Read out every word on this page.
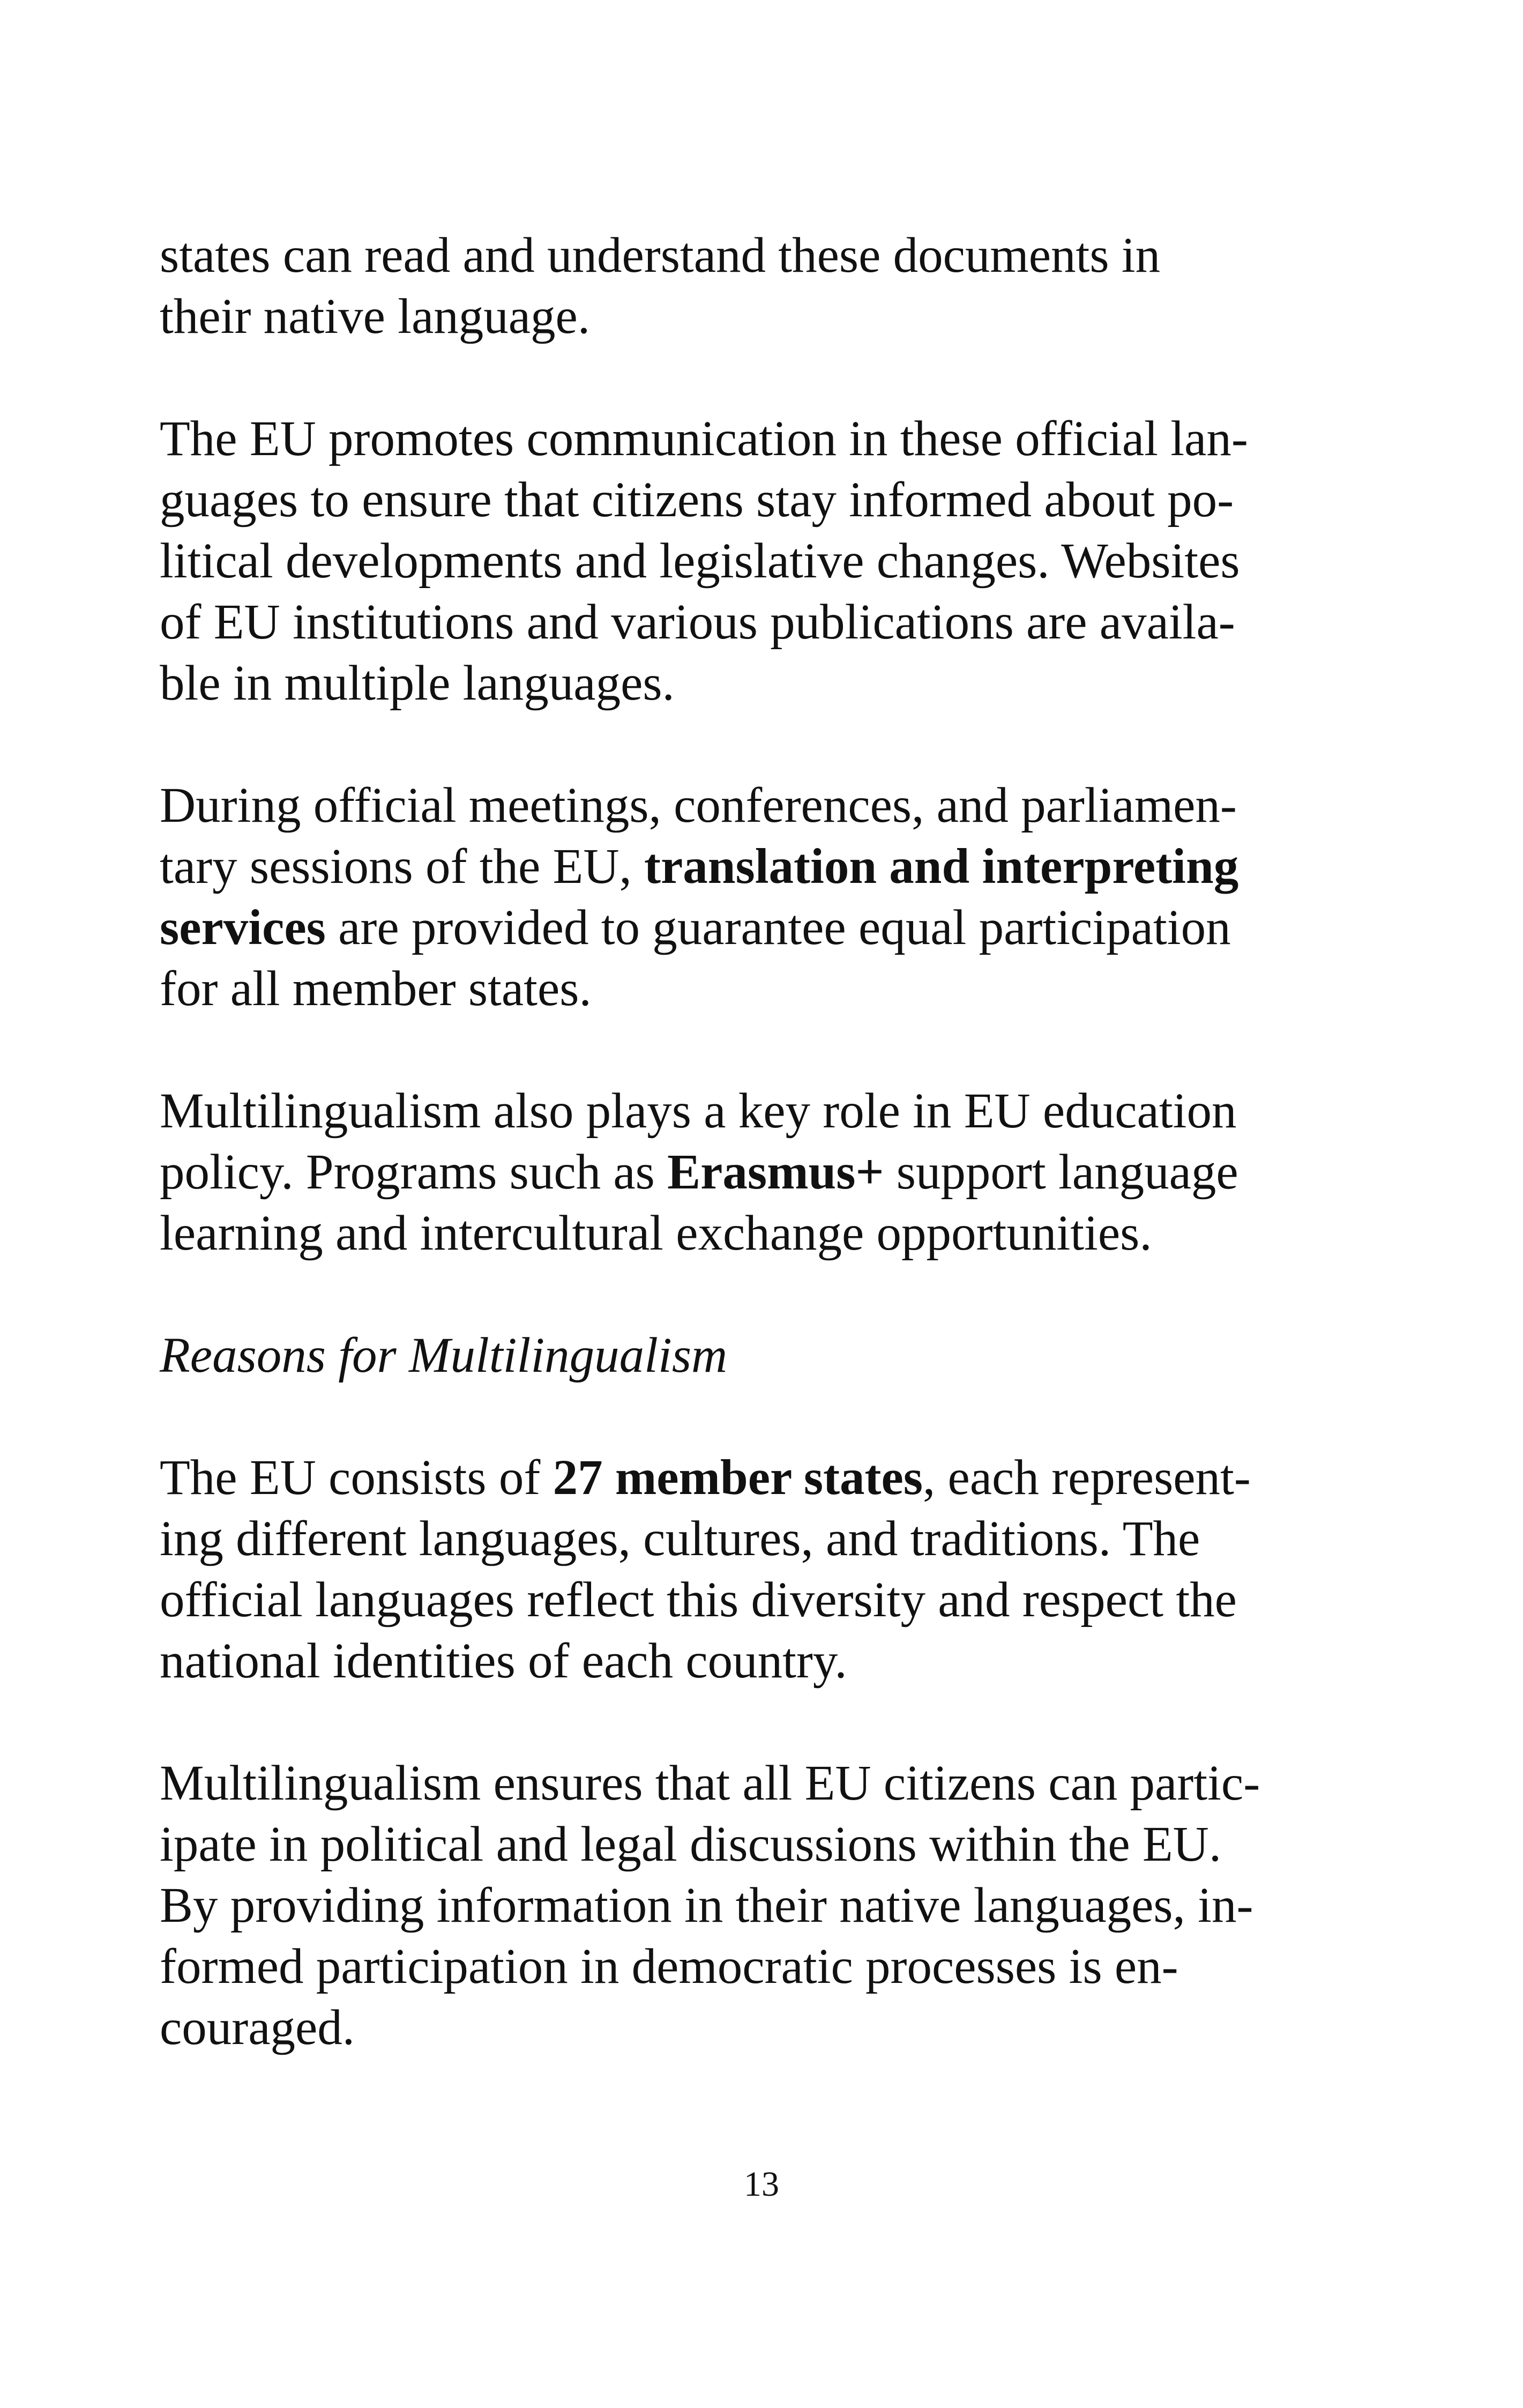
states can read and understand these documents in
their native language.

The EU promotes communication in these official lan-
guages to ensure that citizens stay informed about po-
litical developments and legislative changes. Websites
of EU institutions and various publications are availa-
ble in multiple languages.

During official meetings, conferences, and parliamen-
tary sessions of the EU, translation and interpreting
services are provided to guarantee equal participation
for all member states.

Multilingualism also plays a key role in EU education
policy. Programs such as Erasmus+ support language
learning and intercultural exchange opportunities.

Reasons for Multilingualism

The EU consists of 27 member states, each represent-
ing different languages, cultures, and traditions. The
official languages reflect this diversity and respect the
national identities of each country.

Multilingualism ensures that all EU citizens can partic-
ipate in political and legal discussions within the EU.
By providing information in their native languages, in-
formed participation in democratic processes is en-
couraged.

13
